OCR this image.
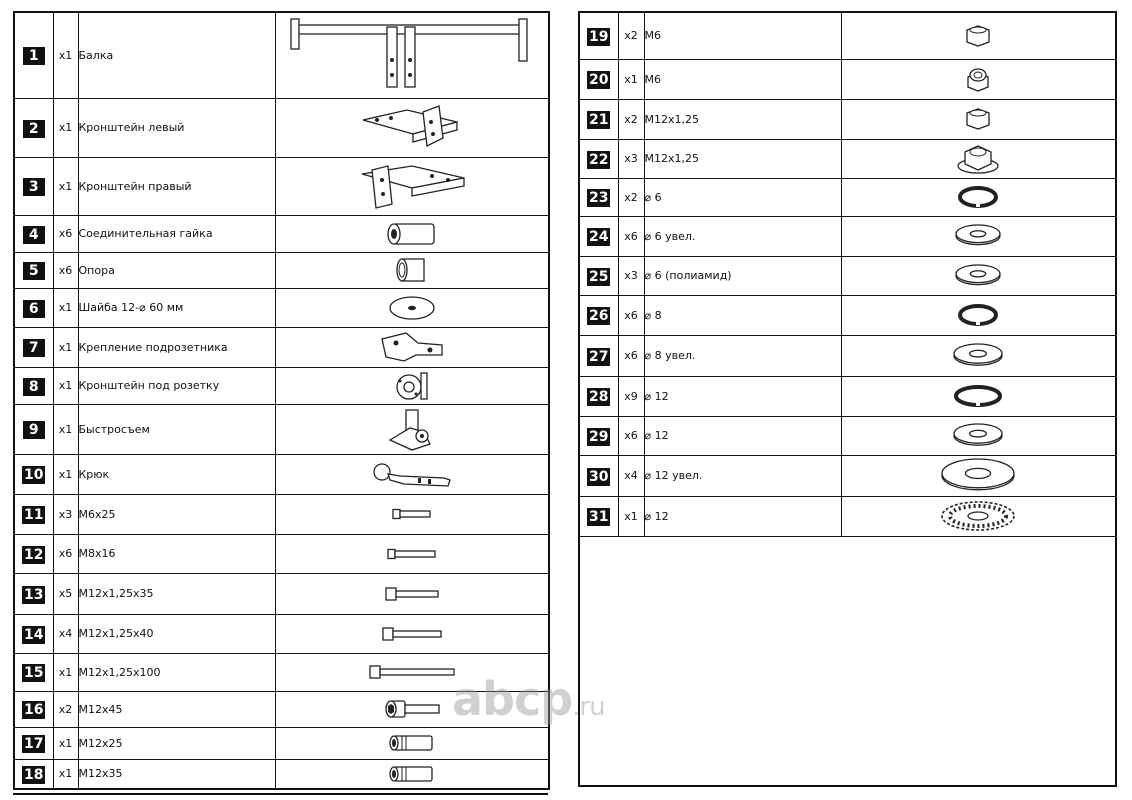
1	x1	Балка	

2	x1	Кронштейн левый	

3	x1	Кронштейн правый	

4	x6	Соединительная гайка	

5	x6	Опора	

6	x1	Шайба 12-⌀ 60 мм	

7	x1	Крепление подрозетника	

8	x1	Кронштейн под розетку	

9	x1	Быстросъем	

10	x1	Крюк	

11	x3	M6x25	

12	x6	M8x16	

13	x5	M12x1,25x35	

14	x4	M12x1,25x40	

15	x1	M12x1,25x100	

16	x2	M12x45	

17	x1	M12x25	

18	x1	M12x35	
19	x2	M6	

20	x1	M6	

21	x2	M12x1,25	

22	x3	M12x1,25	

23	x2	⌀ 6	

24	x6	⌀ 6 увел.	

25	x3	⌀ 6 (полиамид)	

26	x6	⌀ 8	

27	x6	⌀ 8 увел.	

28	x9	⌀ 12	

29	x6	⌀ 12	

30	x4	⌀ 12 увел.	

31	x1	⌀ 12	

abcp.ru
